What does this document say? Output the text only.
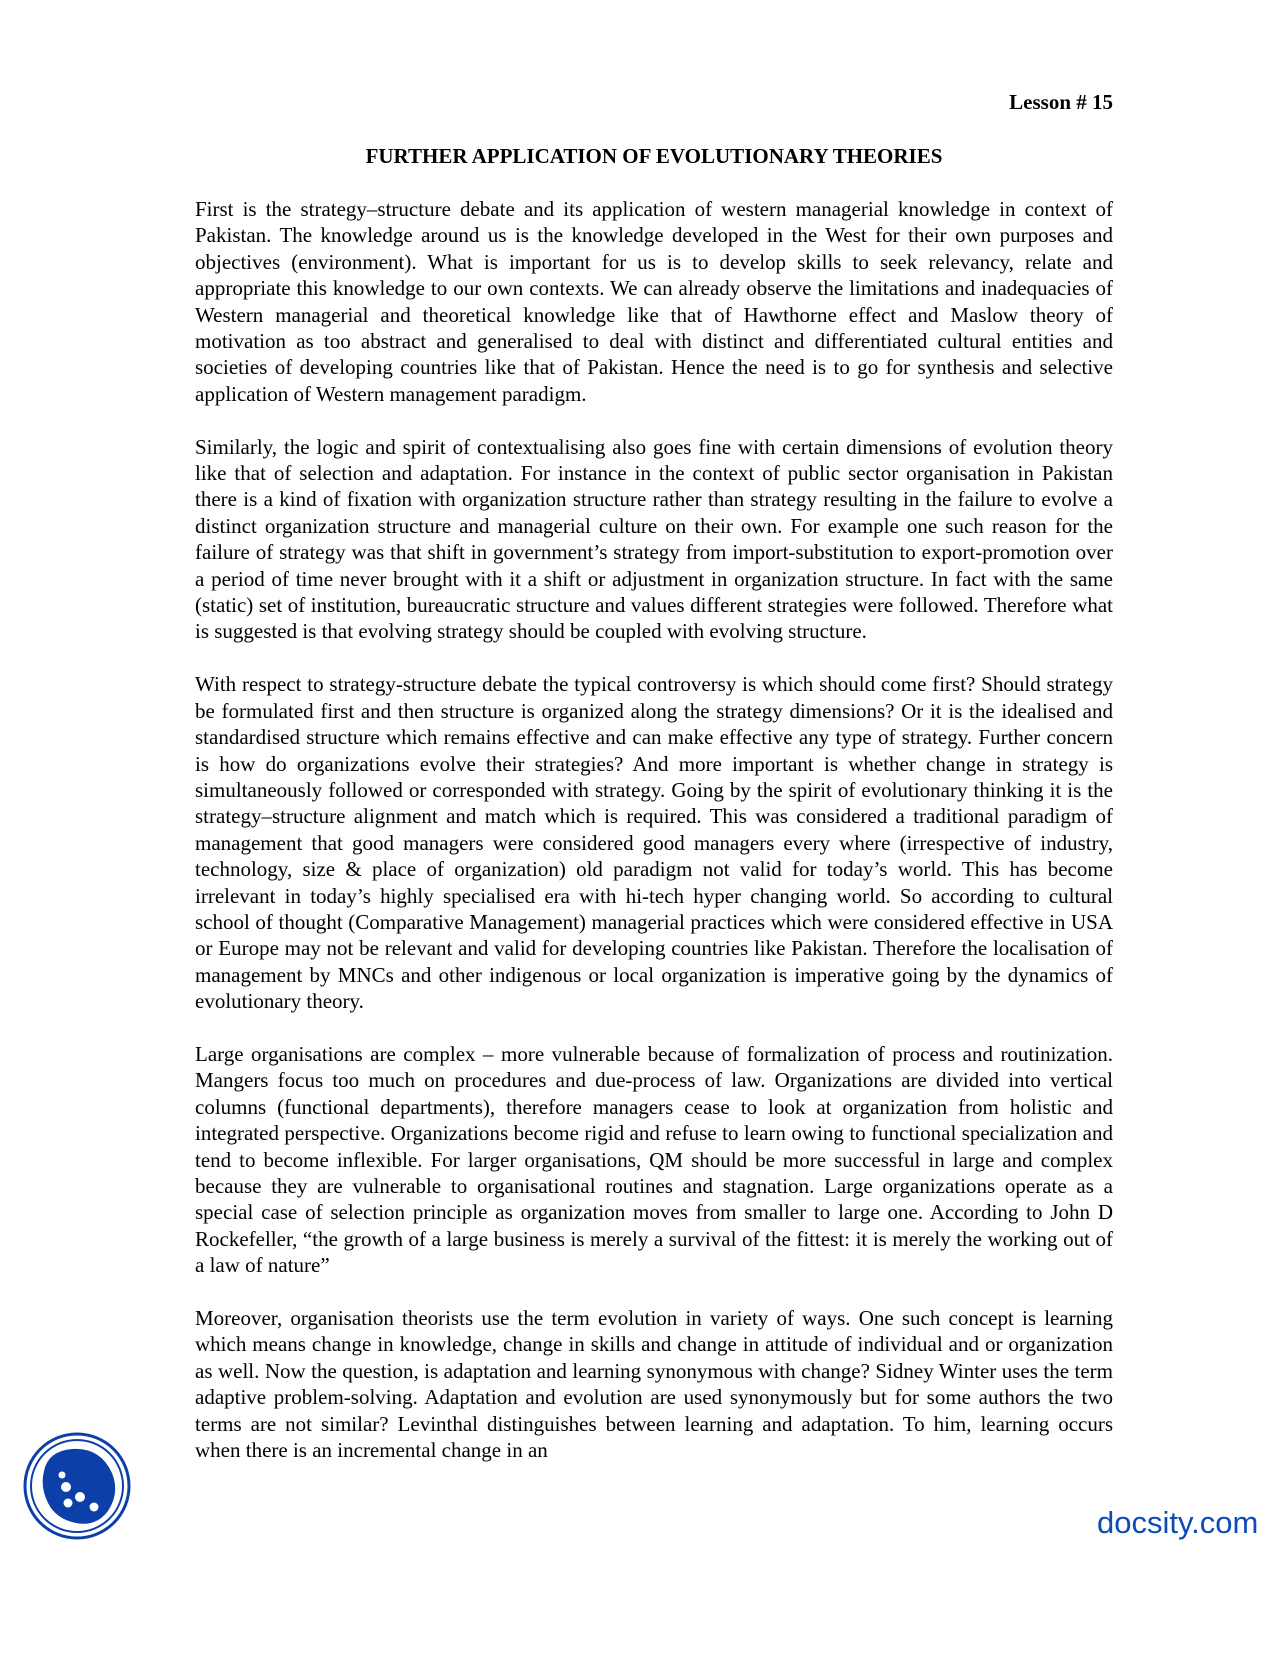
Lesson # 15
FURTHER APPLICATION OF EVOLUTIONARY THEORIES

First is the strategy–structure debate and its application of western managerial knowledge in context of Pakistan. The knowledge around us is the knowledge developed in the West for their own purposes and objectives (environment). What is important for us is to develop skills to seek relevancy, relate and appropriate this knowledge to our own contexts. We can already observe the limitations and inadequacies of Western managerial and theoretical knowledge like that of Hawthorne effect and Maslow theory of motivation as too abstract and generalised to deal with distinct and differentiated cultural entities and societies of developing countries like that of Pakistan. Hence the need is to go for synthesis and selective application of Western management paradigm.

Similarly, the logic and spirit of contextualising also goes fine with certain dimensions of evolution theory like that of selection and adaptation. For instance in the context of public sector organisation in Pakistan there is a kind of fixation with organization structure rather than strategy resulting in the failure to evolve a distinct organization structure and managerial culture on their own. For example one such reason for the failure of strategy was that shift in government’s strategy from import-substitution to export-promotion over a period of time never brought with it a shift or adjustment in organization structure. In fact with the same (static) set of institution, bureaucratic structure and values different strategies were followed. Therefore what is suggested is that evolving strategy should be coupled with evolving structure.

With respect to strategy-structure debate the typical controversy is which should come first? Should strategy be formulated first and then structure is organized along the strategy dimensions? Or it is the idealised and standardised structure which remains effective and can make effective any type of strategy. Further concern is how do organizations evolve their strategies? And more important is whether change in strategy is simultaneously followed or corresponded with strategy. Going by the spirit of evolutionary thinking it is the strategy–structure alignment and match which is required. This was considered a traditional paradigm of management that good managers were considered good managers every where (irrespective of industry, technology, size & place of organization) old paradigm not valid for today’s world. This has become irrelevant in today’s highly specialised era with hi-tech hyper changing world. So according to cultural school of thought (Comparative Management) managerial practices which were considered effective in USA or Europe may not be relevant and valid for developing countries like Pakistan. Therefore the localisation of management by MNCs and other indigenous or local organization is imperative going by the dynamics of evolutionary theory.

Large organisations are complex – more vulnerable because of formalization of process and routinization. Mangers focus too much on procedures and due-process of law. Organizations are divided into vertical columns (functional departments), therefore managers cease to look at organization from holistic and integrated perspective. Organizations become rigid and refuse to learn owing to functional specialization and tend to become inflexible. For larger organisations, QM should be more successful in large and complex because they are vulnerable to organisational routines and stagnation. Large organizations operate as a special case of selection principle as organization moves from smaller to large one. According to John D Rockefeller, “the growth of a large business is merely a survival of the fittest: it is merely the working out of a law of nature”

Moreover, organisation theorists use the term evolution in variety of ways. One such concept is learning which means change in knowledge, change in skills and change in attitude of individual and or organization as well. Now the question, is adaptation and learning synonymous with change? Sidney Winter uses the term adaptive problem-solving. Adaptation and evolution are used synonymously but for some authors the two terms are not similar? Levinthal distinguishes between learning and adaptation. To him, learning occurs when there is an incremental change in an

docsity.com
